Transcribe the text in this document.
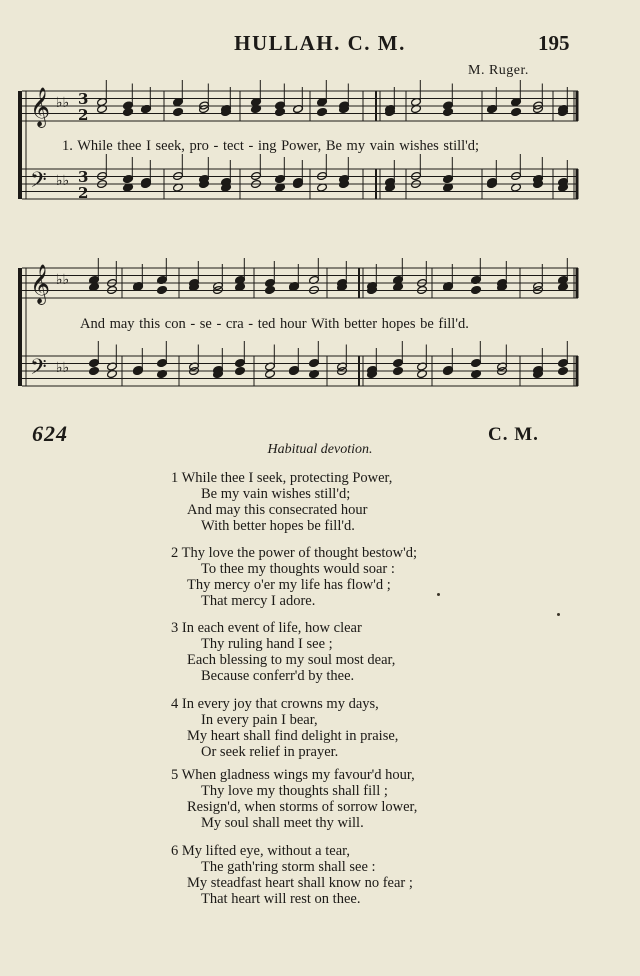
HULLAH. C. M.	195
M. Ruger.
𝄞 ♭♭
𝄢 ♭♭
𝄞 ♭♭
𝄢 ♭♭
3
2
3
2
1. While thee I seek, pro - tect - ing Power, Be my vain wishes still'd;
And may this con - se - cra - ted hour With better hopes be fill'd.
624	C. M.
Habitual devotion.
1 While thee I seek, protecting Power,
Be my vain wishes still'd;
And may this consecrated hour
With better hopes be fill'd.
2 Thy love the power of thought bestow'd;
To thee my thoughts would soar :
Thy mercy o'er my life has flow'd ;
That mercy I adore.
3 In each event of life, how clear
Thy ruling hand I see ;
Each blessing to my soul most dear,
Because conferr'd by thee.
4 In every joy that crowns my days,
In every pain I bear,
My heart shall find delight in praise,
Or seek relief in prayer.
5 When gladness wings my favour'd hour,
Thy love my thoughts shall fill ;
Resign'd, when storms of sorrow lower,
My soul shall meet thy will.
6 My lifted eye, without a tear,
The gath'ring storm shall see :
My steadfast heart shall know no fear ;
That heart will rest on thee.
